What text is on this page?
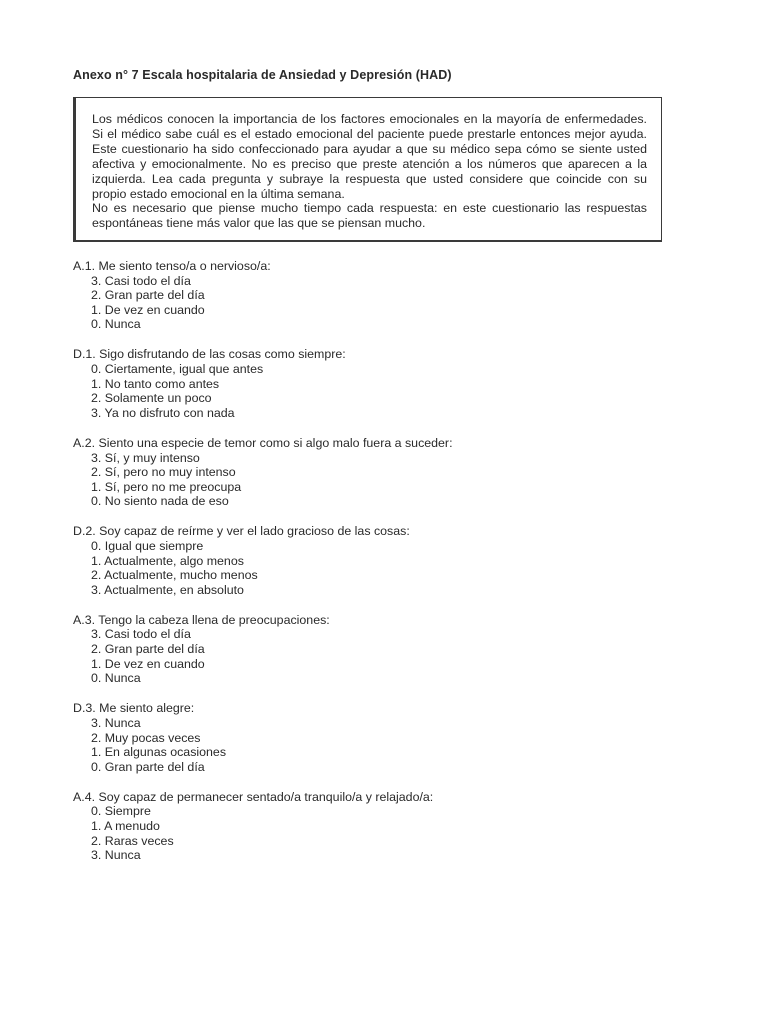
Anexo n° 7 Escala hospitalaria de Ansiedad y Depresión (HAD)
Los médicos conocen la importancia de los factores emocionales en la mayoría de enfermedades.
Si el médico sabe cuál es el estado emocional del paciente puede prestarle entonces mejor ayuda.
Este cuestionario ha sido confeccionado para ayudar a que su médico sepa cómo se siente usted
afectiva y emocionalmente. No es preciso que preste atención a los números que aparecen a la
izquierda. Lea cada pregunta y subraye la respuesta que usted considere que coincide con su
propio estado emocional en la última semana.
No es necesario que piense mucho tiempo cada respuesta: en este cuestionario las respuestas
espontáneas tiene más valor que las que se piensan mucho.
A.1. Me siento tenso/a o nervioso/a:
3. Casi todo el día
2. Gran parte del día
1. De vez en cuando
0. Nunca
D.1. Sigo disfrutando de las cosas como siempre:
0. Ciertamente, igual que antes
1. No tanto como antes
2. Solamente un poco
3. Ya no disfruto con nada
A.2. Siento una especie de temor como si algo malo fuera a suceder:
3. Sí, y muy intenso
2. Sí, pero no muy intenso
1. Sí, pero no me preocupa
0. No siento nada de eso
D.2. Soy capaz de reírme y ver el lado gracioso de las cosas:
0. Igual que siempre
1. Actualmente, algo menos
2. Actualmente, mucho menos
3. Actualmente, en absoluto
A.3. Tengo la cabeza llena de preocupaciones:
3. Casi todo el día
2. Gran parte del día
1. De vez en cuando
0. Nunca
D.3. Me siento alegre:
3. Nunca
2. Muy pocas veces
1. En algunas ocasiones
0. Gran parte del día
A.4. Soy capaz de permanecer sentado/a tranquilo/a y relajado/a:
0. Siempre
1. A menudo
2. Raras veces
3. Nunca
